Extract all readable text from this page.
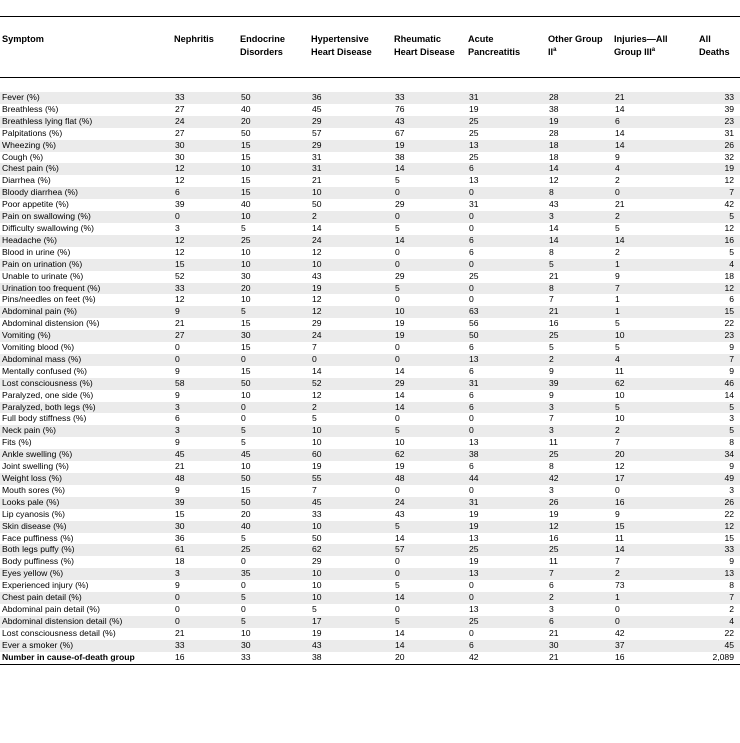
Symptom	Nephritis	Endocrine Disorders	Hypertensive Heart Disease	Rheumatic Heart Disease	Acute Pancreatitis	Other Group $II^a$	Injuries—All Group III$^a$	All Deaths

Fever (%)	33	50	36	33	31	28	21	33
Breathless (%)	27	40	45	76	19	38	14	39
Breathless lying flat (%)	24	20	29	43	25	19	6	23
Palpitations (%)	27	50	57	67	25	28	14	31
Wheezing (%)	30	15	29	19	13	18	14	26
Cough (%)	30	15	31	38	25	18	9	32
Chest pain (%)	12	10	31	14	6	14	4	19
Diarrhea (%)	12	15	21	5	13	12	2	12
Bloody diarrhea (%)	6	15	10	0	0	8	0	7
Poor appetite (%)	39	40	50	29	31	43	21	42
Pain on swallowing (%)	0	10	2	0	0	3	2	5
Difficulty swallowing (%)	3	5	14	5	0	14	5	12
Headache (%)	12	25	24	14	6	14	14	16
Blood in urine (%)	12	10	12	0	6	8	2	5
Pain on urination (%)	15	10	10	0	0	5	1	4
Unable to urinate (%)	52	30	43	29	25	21	9	18
Urination too frequent (%)	33	20	19	5	0	8	7	12
Pins/needles on feet (%)	12	10	12	0	0	7	1	6
Abdominal pain (%)	9	5	12	10	63	21	1	15
Abdominal distension (%)	21	15	29	19	56	16	5	22
Vomiting (%)	27	30	24	19	50	25	10	23
Vomiting blood (%)	0	15	7	0	6	5	5	9
Abdominal mass (%)	0	0	0	0	13	2	4	7
Mentally confused (%)	9	15	14	14	6	9	11	9
Lost consciousness (%)	58	50	52	29	31	39	62	46
Paralyzed, one side (%)	9	10	12	14	6	9	10	14
Paralyzed, both legs (%)	3	0	2	14	6	3	5	5
Full body stiffness (%)	6	0	5	0	0	7	10	3
Neck pain (%)	3	5	10	5	0	3	2	5
Fits (%)	9	5	10	10	13	11	7	8
Ankle swelling (%)	45	45	60	62	38	25	20	34
Joint swelling (%)	21	10	19	19	6	8	12	9
Weight loss (%)	48	50	55	48	44	42	17	49
Mouth sores (%)	9	15	7	0	0	3	0	3
Looks pale (%)	39	50	45	24	31	26	16	26
Lip cyanosis (%)	15	20	33	43	19	19	9	22
Skin disease (%)	30	40	10	5	19	12	15	12
Face puffiness (%)	36	5	50	14	13	16	11	15
Both legs puffy (%)	61	25	62	57	25	25	14	33
Body puffiness (%)	18	0	29	0	19	11	7	9
Eyes yellow (%)	3	35	10	0	13	7	2	13
Experienced injury (%)	9	0	10	5	0	6	73	8
Chest pain detail (%)	0	5	10	14	0	2	1	7
Abdominal pain detail (%)	0	0	5	0	13	3	0	2
Abdominal distension detail (%)	0	5	17	5	25	6	0	4
Lost consciousness detail (%)	21	10	19	14	0	21	42	22
Ever a smoker (%)	33	30	43	14	6	30	37	45
Number in cause-of-death group	16	33	38	20	42	21	16	2,089
